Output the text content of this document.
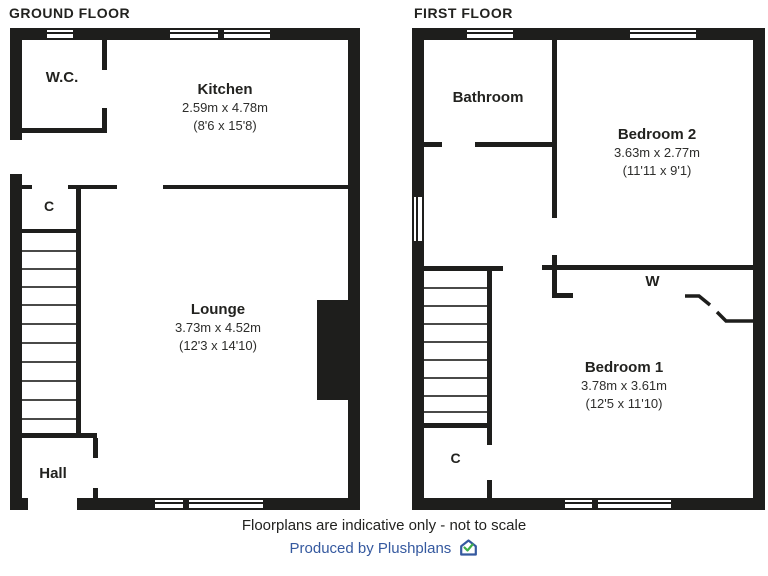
GROUND FLOOR
W.C.
Kitchen
2.59m x 4.78m
(8'6 x 15'8)
C
Lounge
3.73m x 4.52m
(12'3 x 14'10)
Hall
FIRST FLOOR
Bathroom
Bedroom 2
3.63m x 2.77m
(11'11 x 9'1)
W
Bedroom 1
3.78m x 3.61m
(12'5 x 11'10)
C
Floorplans are indicative only - not to scale
Produced by Plushplans
